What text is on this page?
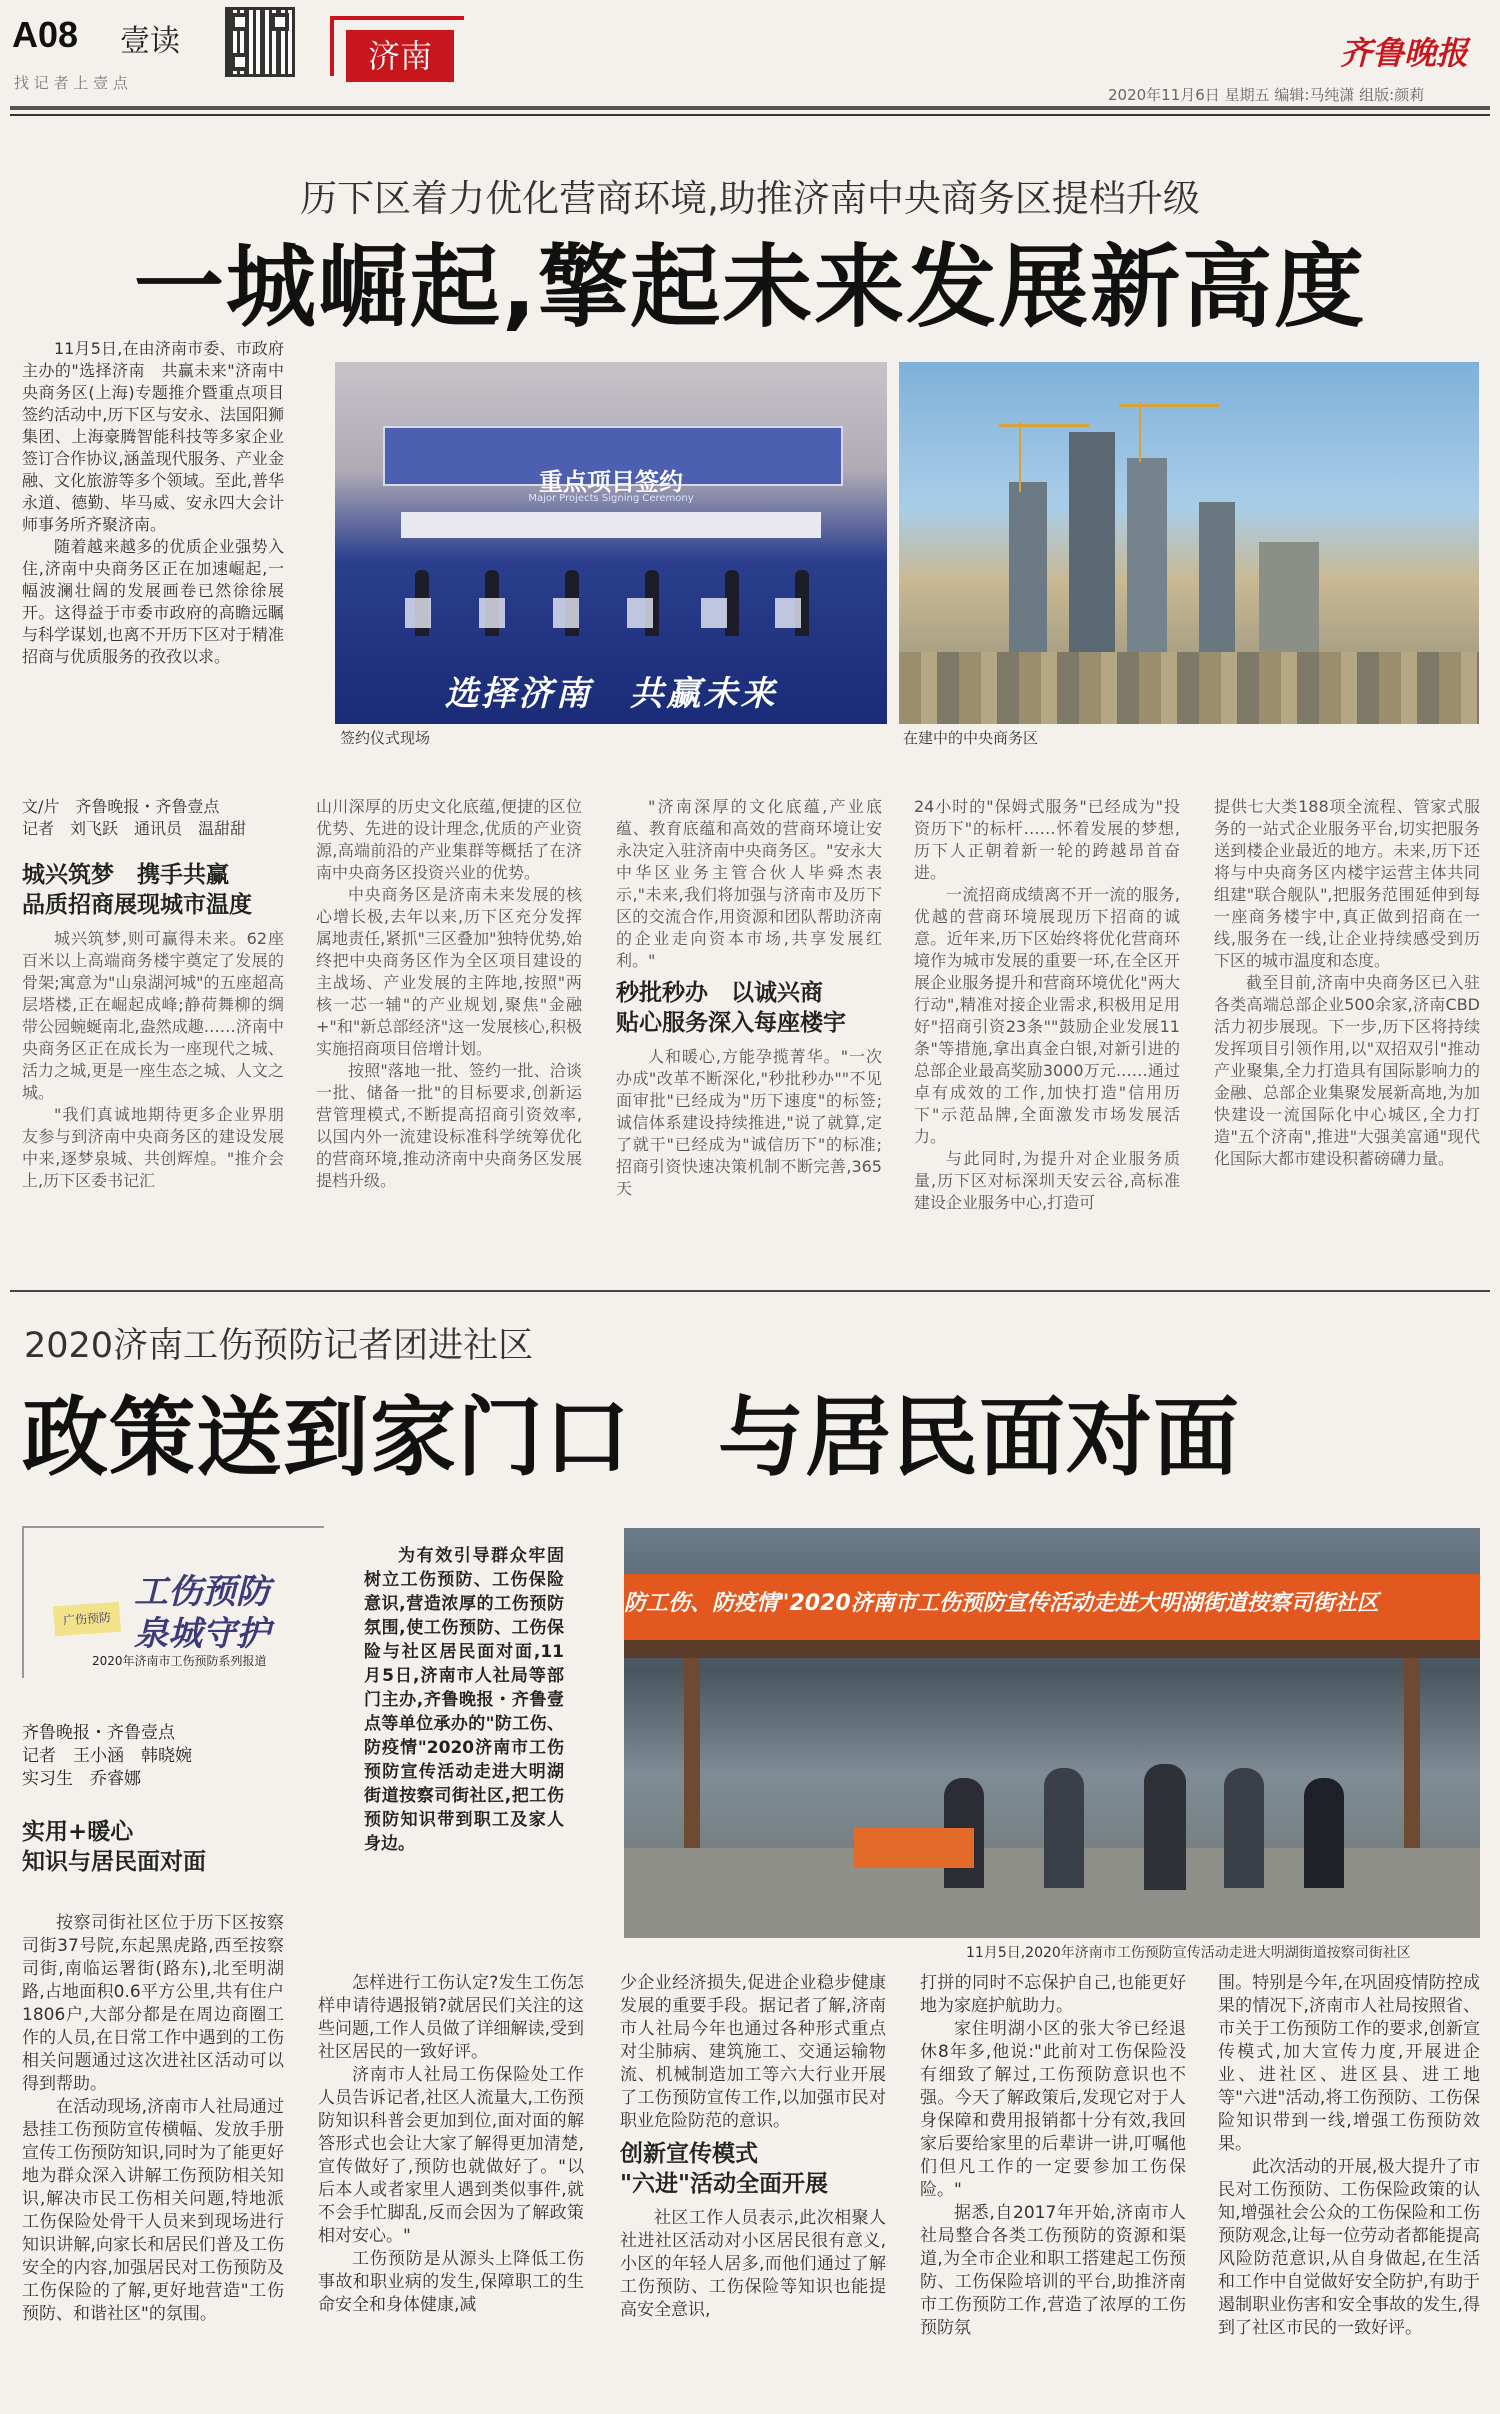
A08 壹读
找 记 者 上 壹 点
济南	齐鲁晚报
2020年11月6日 星期五 编辑:马纯潇 组版:颜莉
历下区着力优化营商环境,助推济南中央商务区提档升级
一城崛起,擎起未来发展新高度

11月5日,在由济南市委、市政府主办的"选择济南　共赢未来"济南中央商务区(上海)专题推介暨重点项目签约活动中,历下区与安永、法国阳狮集团、上海豪腾智能科技等多家企业签订合作协议,涵盖现代服务、产业金融、文化旅游等多个领域。至此,普华永道、德勤、毕马威、安永四大会计师事务所齐聚济南。

随着越来越多的优质企业强势入住,济南中央商务区正在加速崛起,一幅波澜壮阔的发展画卷已然徐徐展开。这得益于市委市政府的高瞻远瞩与科学谋划,也离不开历下区对于精准招商与优质服务的孜孜以求。

重点项目签约
Major Projects Signing Ceremony
选择济南　共赢未来
签约仪式现场	在建中的中央商务区
文/片　齐鲁晚报・齐鲁壹点
记者　刘飞跃　通讯员　温甜甜
城兴筑梦　携手共赢
品质招商展现城市温度

城兴筑梦,则可赢得未来。62座百米以上高端商务楼宇奠定了发展的骨架;寓意为"山泉湖河城"的五座超高层塔楼,正在崛起成峰;静荷舞柳的绸带公园蜿蜒南北,盎然成趣……济南中央商务区正在成长为一座现代之城、活力之城,更是一座生态之城、人文之城。

"我们真诚地期待更多企业界朋友参与到济南中央商务区的建设发展中来,逐梦泉城、共创辉煌。"推介会上,历下区委书记汇

山川深厚的历史文化底蕴,便捷的区位优势、先进的设计理念,优质的产业资源,高端前沿的产业集群等概括了在济南中央商务区投资兴业的优势。

中央商务区是济南未来发展的核心增长极,去年以来,历下区充分发挥属地责任,紧抓"三区叠加"独特优势,始终把中央商务区作为全区项目建设的主战场、产业发展的主阵地,按照"两核一芯一辅"的产业规划,聚焦"金融+"和"新总部经济"这一发展核心,积极实施招商项目倍增计划。

按照"落地一批、签约一批、洽谈一批、储备一批"的目标要求,创新运营管理模式,不断提高招商引资效率,以国内外一流建设标准科学统筹优化的营商环境,推动济南中央商务区发展提档升级。

"济南深厚的文化底蕴,产业底蕴、教育底蕴和高效的营商环境让安永决定入驻济南中央商务区。"安永大中华区业务主管合伙人毕舜杰表示,"未来,我们将加强与济南市及历下区的交流合作,用资源和团队帮助济南的企业走向资本市场,共享发展红利。"

秒批秒办　以诚兴商
贴心服务深入每座楼宇

人和暖心,方能孕揽菁华。"一次办成"改革不断深化,"秒批秒办""不见面审批"已经成为"历下速度"的标签;诚信体系建设持续推进,"说了就算,定了就干"已经成为"诚信历下"的标准;招商引资快速决策机制不断完善,365天

24小时的"保姆式服务"已经成为"投资历下"的标杆……怀着发展的梦想,历下人正朝着新一轮的跨越昂首奋进。

一流招商成绩离不开一流的服务,优越的营商环境展现历下招商的诚意。近年来,历下区始终将优化营商环境作为城市发展的重要一环,在全区开展企业服务提升和营商环境优化"两大行动",精准对接企业需求,积极用足用好"招商引资23条""鼓励企业发展11条"等措施,拿出真金白银,对新引进的总部企业最高奖励3000万元……通过卓有成效的工作,加快打造"信用历下"示范品牌,全面激发市场发展活力。

与此同时,为提升对企业服务质量,历下区对标深圳天安云谷,高标准建设企业服务中心,打造可

提供七大类188项全流程、管家式服务的一站式企业服务平台,切实把服务送到楼企业最近的地方。未来,历下还将与中央商务区内楼宇运营主体共同组建"联合舰队",把服务范围延伸到每一座商务楼宇中,真正做到招商在一线,服务在一线,让企业持续感受到历下区的城市温度和态度。

截至目前,济南中央商务区已入驻各类高端总部企业500余家,济南CBD活力初步展现。下一步,历下区将持续发挥项目引领作用,以"双招双引"推动产业聚集,全力打造具有国际影响力的金融、总部企业集聚发展新高地,为加快建设一流国际化中心城区,全力打造"五个济南",推进"大强美富通"现代化国际大都市建设积蓄磅礴力量。

2020济南工伤预防记者团进社区
政策送到家门口　与居民面对面
广伤预防
工伤预防
泉城守护
2020年济南市工伤预防系列报道
齐鲁晚报・齐鲁壹点
记者　王小涵　韩晓婉
实习生　乔睿娜
实用+暖心
知识与居民面对面

为有效引导群众牢固树立工伤预防、工伤保险意识,营造浓厚的工伤预防氛围,使工伤预防、工伤保险与社区居民面对面,11月5日,济南市人社局等部门主办,齐鲁晚报・齐鲁壹点等单位承办的"防工伤、防疫情"2020济南市工伤预防宣传活动走进大明湖街道按察司街社区,把工伤预防知识带到职工及家人身边。

防工伤、防疫情"2020济南市工伤预防宣传活动走进大明湖街道按察司街社区
11月5日,2020年济南市工伤预防宣传活动走进大明湖街道按察司街社区

按察司街社区位于历下区按察司街37号院,东起黑虎路,西至按察司街,南临运署街(路东),北至明湖路,占地面积0.6平方公里,共有住户1806户,大部分都是在周边商圈工作的人员,在日常工作中遇到的工伤相关问题通过这次进社区活动可以得到帮助。

在活动现场,济南市人社局通过悬挂工伤预防宣传横幅、发放手册宣传工伤预防知识,同时为了能更好地为群众深入讲解工伤预防相关知识,解决市民工伤相关问题,特地派工伤保险处骨干人员来到现场进行知识讲解,向家长和居民们普及工伤安全的内容,加强居民对工伤预防及工伤保险的了解,更好地营造"工伤预防、和谐社区"的氛围。

怎样进行工伤认定?发生工伤怎样申请待遇报销?就居民们关注的这些问题,工作人员做了详细解读,受到社区居民的一致好评。

济南市人社局工伤保险处工作人员告诉记者,社区人流量大,工伤预防知识科普会更加到位,面对面的解答形式也会让大家了解得更加清楚,宣传做好了,预防也就做好了。"以后本人或者家里人遇到类似事件,就不会手忙脚乱,反而会因为了解政策相对安心。"

工伤预防是从源头上降低工伤事故和职业病的发生,保障职工的生命安全和身体健康,减

少企业经济损失,促进企业稳步健康发展的重要手段。据记者了解,济南市人社局今年也通过各种形式重点对尘肺病、建筑施工、交通运输物流、机械制造加工等六大行业开展了工伤预防宣传工作,以加强市民对职业危险防范的意识。

创新宣传模式
"六进"活动全面开展

社区工作人员表示,此次相聚人社进社区活动对小区居民很有意义,小区的年轻人居多,而他们通过了解工伤预防、工伤保险等知识也能提高安全意识,

打拼的同时不忘保护自己,也能更好地为家庭护航助力。

家住明湖小区的张大爷已经退休8年多,他说:"此前对工伤保险没有细致了解过,工伤预防意识也不强。今天了解政策后,发现它对于人身保障和费用报销都十分有效,我回家后要给家里的后辈讲一讲,叮嘱他们但凡工作的一定要参加工伤保险。"

据悉,自2017年开始,济南市人社局整合各类工伤预防的资源和渠道,为全市企业和职工搭建起工伤预防、工伤保险培训的平台,助推济南市工伤预防工作,营造了浓厚的工伤预防氛

围。特别是今年,在巩固疫情防控成果的情况下,济南市人社局按照省、市关于工伤预防工作的要求,创新宣传模式,加大宣传力度,开展进企业、进社区、进区县、进工地等"六进"活动,将工伤预防、工伤保险知识带到一线,增强工伤预防效果。

此次活动的开展,极大提升了市民对工伤预防、工伤保险政策的认知,增强社会公众的工伤保险和工伤预防观念,让每一位劳动者都能提高风险防范意识,从自身做起,在生活和工作中自觉做好安全防护,有助于遏制职业伤害和安全事故的发生,得到了社区市民的一致好评。
